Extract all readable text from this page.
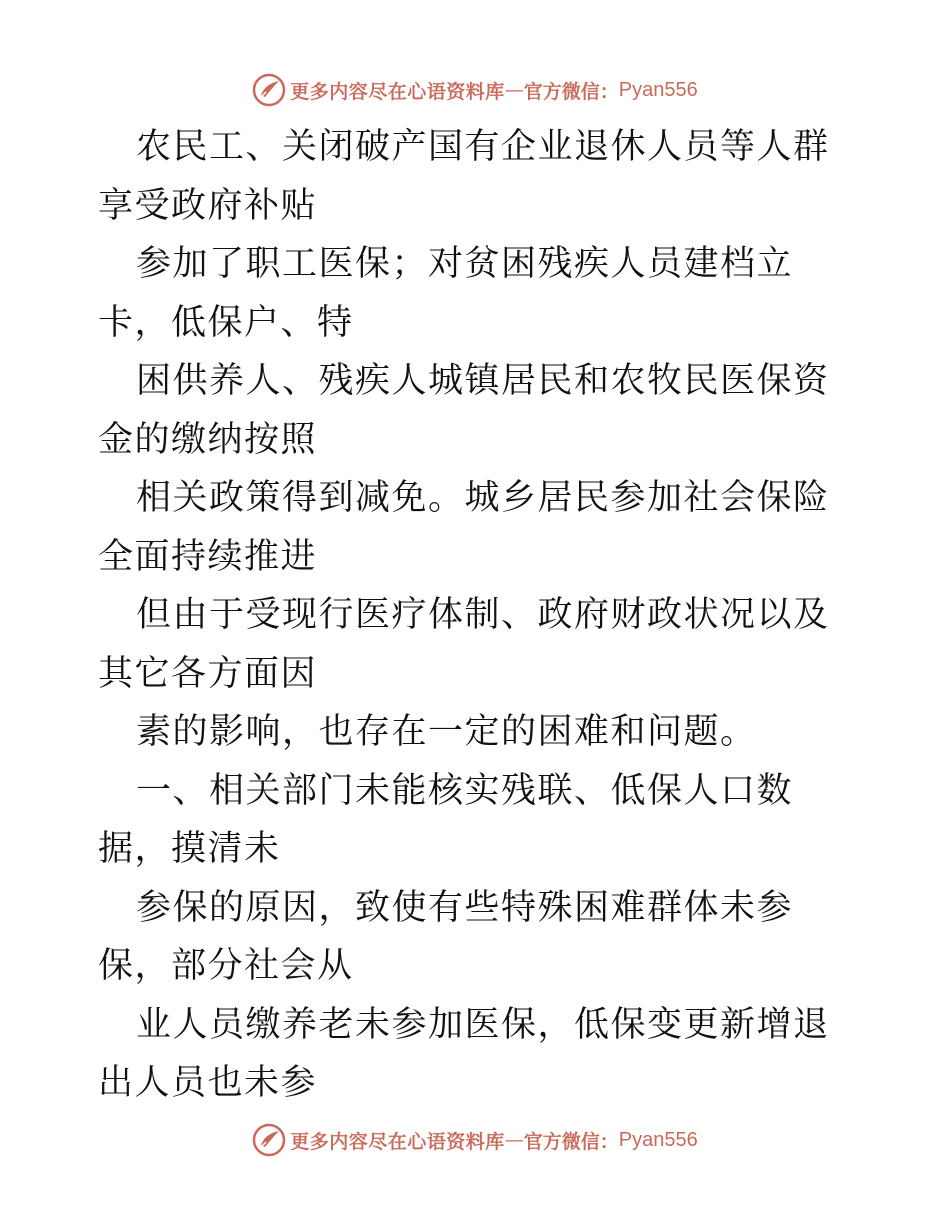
更多内容尽在心语资料库 — 官方微信： Pyan556

农民工、关闭破产国有企业退休人员等人群享受政府补贴

参加了职工医保；对贫困残疾人员建档立卡，低保户、特

困供养人、残疾人城镇居民和农牧民医保资金的缴纳按照

相关政策得到减免。城乡居民参加社会保险全面持续推进

但由于受现行医疗体制、政府财政状况以及其它各方面因

素的影响，也存在一定的困难和问题。

一、相关部门未能核实残联、低保人口数据，摸清未

参保的原因，致使有些特殊困难群体未参保，部分社会从

业人员缴养老未参加医保，低保变更新增退出人员也未参

更多内容尽在心语资料库 — 官方微信： Pyan556
